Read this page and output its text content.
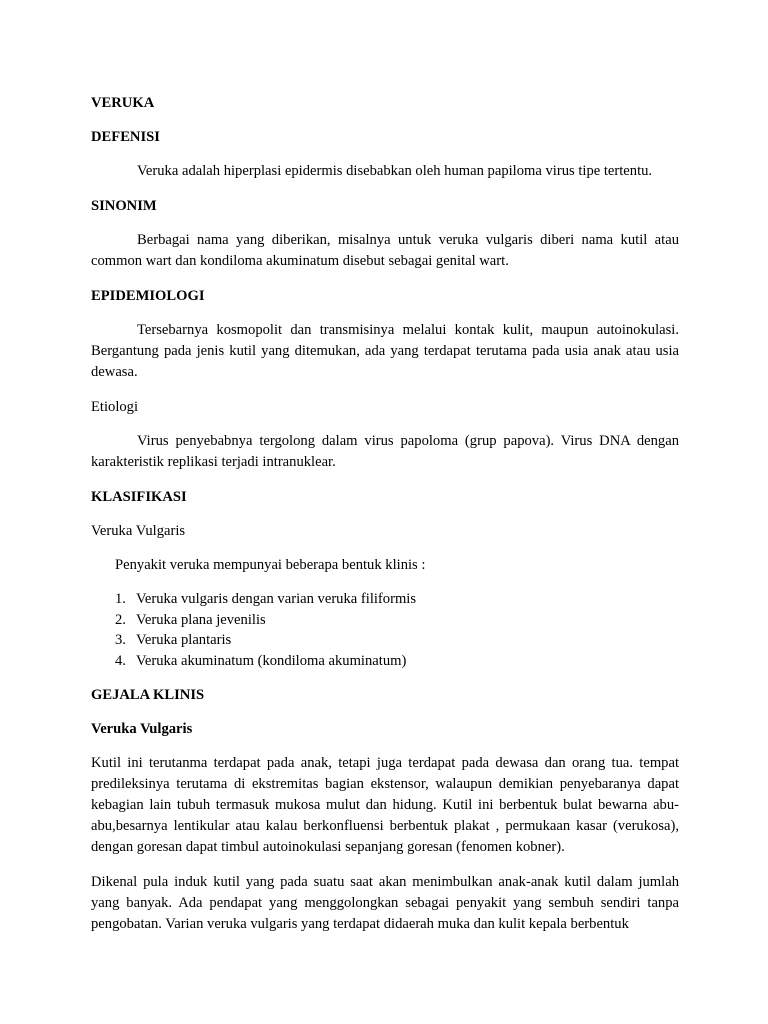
VERUKA
DEFENISI

Veruka adalah hiperplasi epidermis disebabkan oleh human papiloma virus tipe tertentu.

SINONIM

Berbagai nama yang diberikan, misalnya untuk veruka vulgaris diberi nama kutil atau common wart dan kondiloma akuminatum disebut sebagai genital wart.

EPIDEMIOLOGI

Tersebarnya kosmopolit dan transmisinya melalui kontak kulit, maupun autoinokulasi. Bergantung pada jenis kutil yang ditemukan, ada yang terdapat terutama pada usia anak atau usia dewasa.

Etiologi

Virus penyebabnya tergolong dalam virus papoloma (grup papova). Virus DNA dengan karakteristik replikasi terjadi intranuklear.

KLASIFIKASI
Veruka Vulgaris
Penyakit veruka mempunyai beberapa bentuk klinis :
1. Veruka vulgaris dengan varian veruka filiformis
2. Veruka plana jevenilis
3. Veruka plantaris
4. Veruka akuminatum (kondiloma akuminatum)
GEJALA KLINIS
Veruka Vulgaris

Kutil ini terutanma terdapat pada anak, tetapi juga terdapat pada dewasa dan orang tua. tempat predileksinya terutama di ekstremitas bagian ekstensor, walaupun demikian penyebaranya dapat kebagian lain tubuh termasuk mukosa mulut dan hidung. Kutil ini berbentuk bulat bewarna abu-abu,besarnya lentikular atau kalau berkonfluensi berbentuk plakat , permukaan kasar (verukosa), dengan goresan dapat timbul autoinokulasi sepanjang goresan (fenomen kobner).

Dikenal pula induk kutil yang pada suatu saat akan menimbulkan anak-anak kutil dalam jumlah yang banyak. Ada pendapat yang menggolongkan sebagai penyakit yang sembuh sendiri tanpa pengobatan. Varian veruka vulgaris yang terdapat didaerah muka dan kulit kepala berbentuk
